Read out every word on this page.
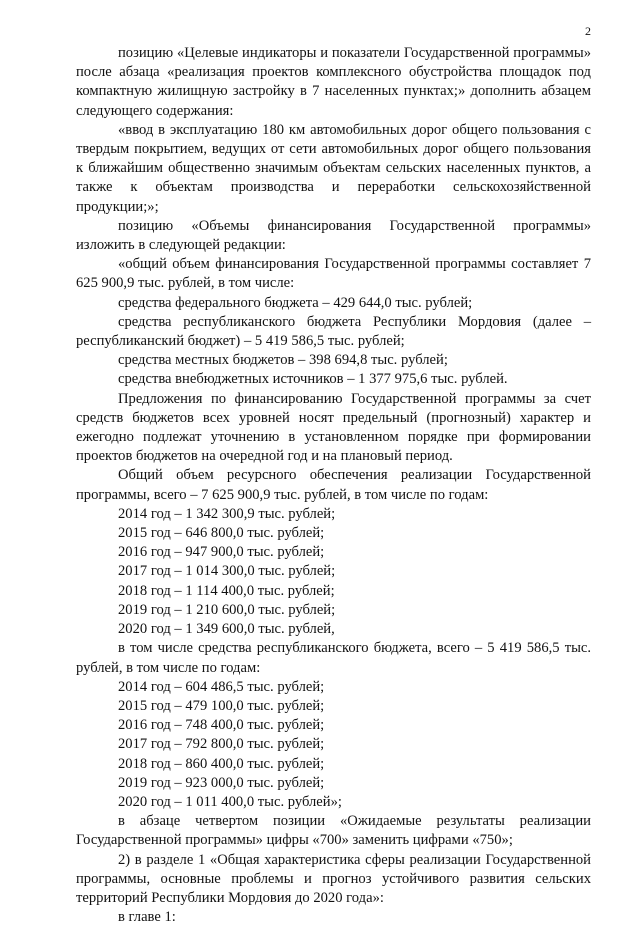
2

позицию «Целевые индикаторы и показатели Государственной программы» после абзаца «реализация проектов комплексного обустройства площадок под компактную жилищную застройку в 7 населенных пунктах;» дополнить абзацем следующего содержания:

«ввод в эксплуатацию 180 км автомобильных дорог общего пользования с твердым покрытием, ведущих от сети автомобильных дорог общего пользования к ближайшим общественно значимым объектам сельских населенных пунктов, а также к объектам производства и переработки сельскохозяйственной продукции;»;

позицию «Объемы финансирования Государственной программы» изложить в следующей редакции:

«общий объем финансирования Государственной программы составляет 7 625 900,9 тыс. рублей, в том числе:

средства федерального бюджета – 429 644,0 тыс. рублей;

средства республиканского бюджета Республики Мордовия (далее – республиканский бюджет) – 5 419 586,5 тыс. рублей;

средства местных бюджетов – 398 694,8 тыс. рублей;

средства внебюджетных источников – 1 377 975,6 тыс. рублей.

Предложения по финансированию Государственной программы за счет средств бюджетов всех уровней носят предельный (прогнозный) характер и ежегодно подлежат уточнению в установленном порядке при формировании проектов бюджетов на очередной год и на плановый период.

Общий объем ресурсного обеспечения реализации Государственной программы, всего – 7 625 900,9 тыс. рублей, в том числе по годам:

2014 год – 1 342 300,9 тыс. рублей;

2015 год – 646 800,0 тыс. рублей;

2016 год – 947 900,0 тыс. рублей;

2017 год – 1 014 300,0 тыс. рублей;

2018 год – 1 114 400,0 тыс. рублей;

2019 год – 1 210 600,0 тыс. рублей;

2020 год – 1 349 600,0 тыс. рублей,

в том числе средства республиканского бюджета, всего – 5 419 586,5 тыс. рублей, в том числе по годам:

2014 год – 604 486,5 тыс. рублей;

2015 год – 479 100,0 тыс. рублей;

2016 год – 748 400,0 тыс. рублей;

2017 год – 792 800,0 тыс. рублей;

2018 год – 860 400,0 тыс. рублей;

2019 год – 923 000,0 тыс. рублей;

2020 год – 1 011 400,0 тыс. рублей»;

в абзаце четвертом позиции «Ожидаемые результаты реализации Государственной программы» цифры «700» заменить цифрами «750»;

2) в разделе 1 «Общая характеристика сферы реализации Государственной программы, основные проблемы и прогноз устойчивого развития сельских территорий Республики Мордовия до 2020 года»:

в главе 1:
